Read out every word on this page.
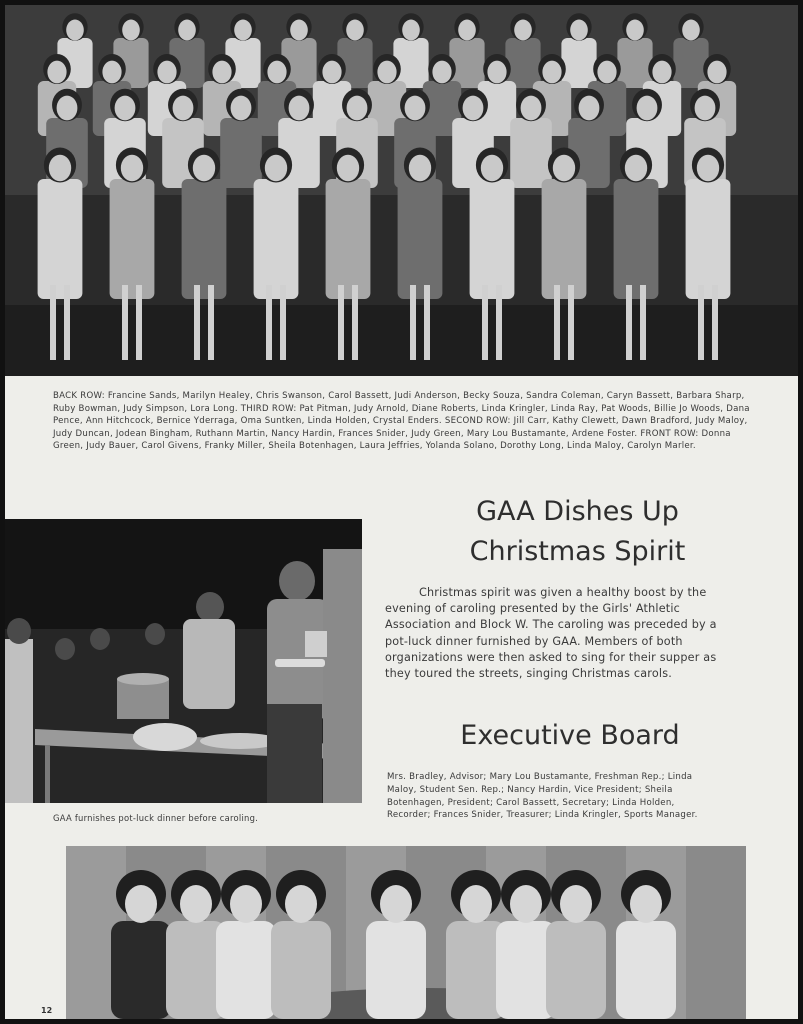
BACK ROW: Francine Sands, Marilyn Healey, Chris Swanson, Carol Bassett, Judi Anderson, Becky Souza, Sandra Coleman, Caryn Bassett, Barbara Sharp, Ruby Bowman, Judy Simpson, Lora Long. THIRD ROW: Pat Pitman, Judy Arnold, Diane Roberts, Linda Kringler, Linda Ray, Pat Woods, Billie Jo Woods, Dana Pence, Ann Hitchcock, Bernice Yderraga, Oma Suntken, Linda Holden, Crystal Enders. SECOND ROW: Jill Carr, Kathy Clewett, Dawn Bradford, Judy Maloy, Judy Duncan, Jodean Bingham, Ruthann Martin, Nancy Hardin, Frances Snider, Judy Green, Mary Lou Bustamante, Ardene Foster. FRONT ROW: Donna Green, Judy Bauer, Carol Givens, Franky Miller, Sheila Botenhagen, Laura Jeffries, Yolanda Solano, Dorothy Long, Linda Maloy, Carolyn Marler.
GAA furnishes pot-luck dinner before caroling.
GAA Dishes Up
Christmas Spirit
Christmas spirit was given a healthy boost by the evening of caroling presented by the Girls' Athletic Association and Block W. The caroling was preceded by a pot-luck dinner furnished by GAA. Members of both organizations were then asked to sing for their supper as they toured the streets, singing Christmas carols.
Executive Board
Mrs. Bradley, Advisor; Mary Lou Bustamante, Freshman Rep.; Linda Maloy, Student Sen. Rep.; Nancy Hardin, Vice President; Sheila Botenhagen, President; Carol Bassett, Secretary; Linda Holden, Recorder; Frances Snider, Treasurer; Linda Kringler, Sports Manager.
12
